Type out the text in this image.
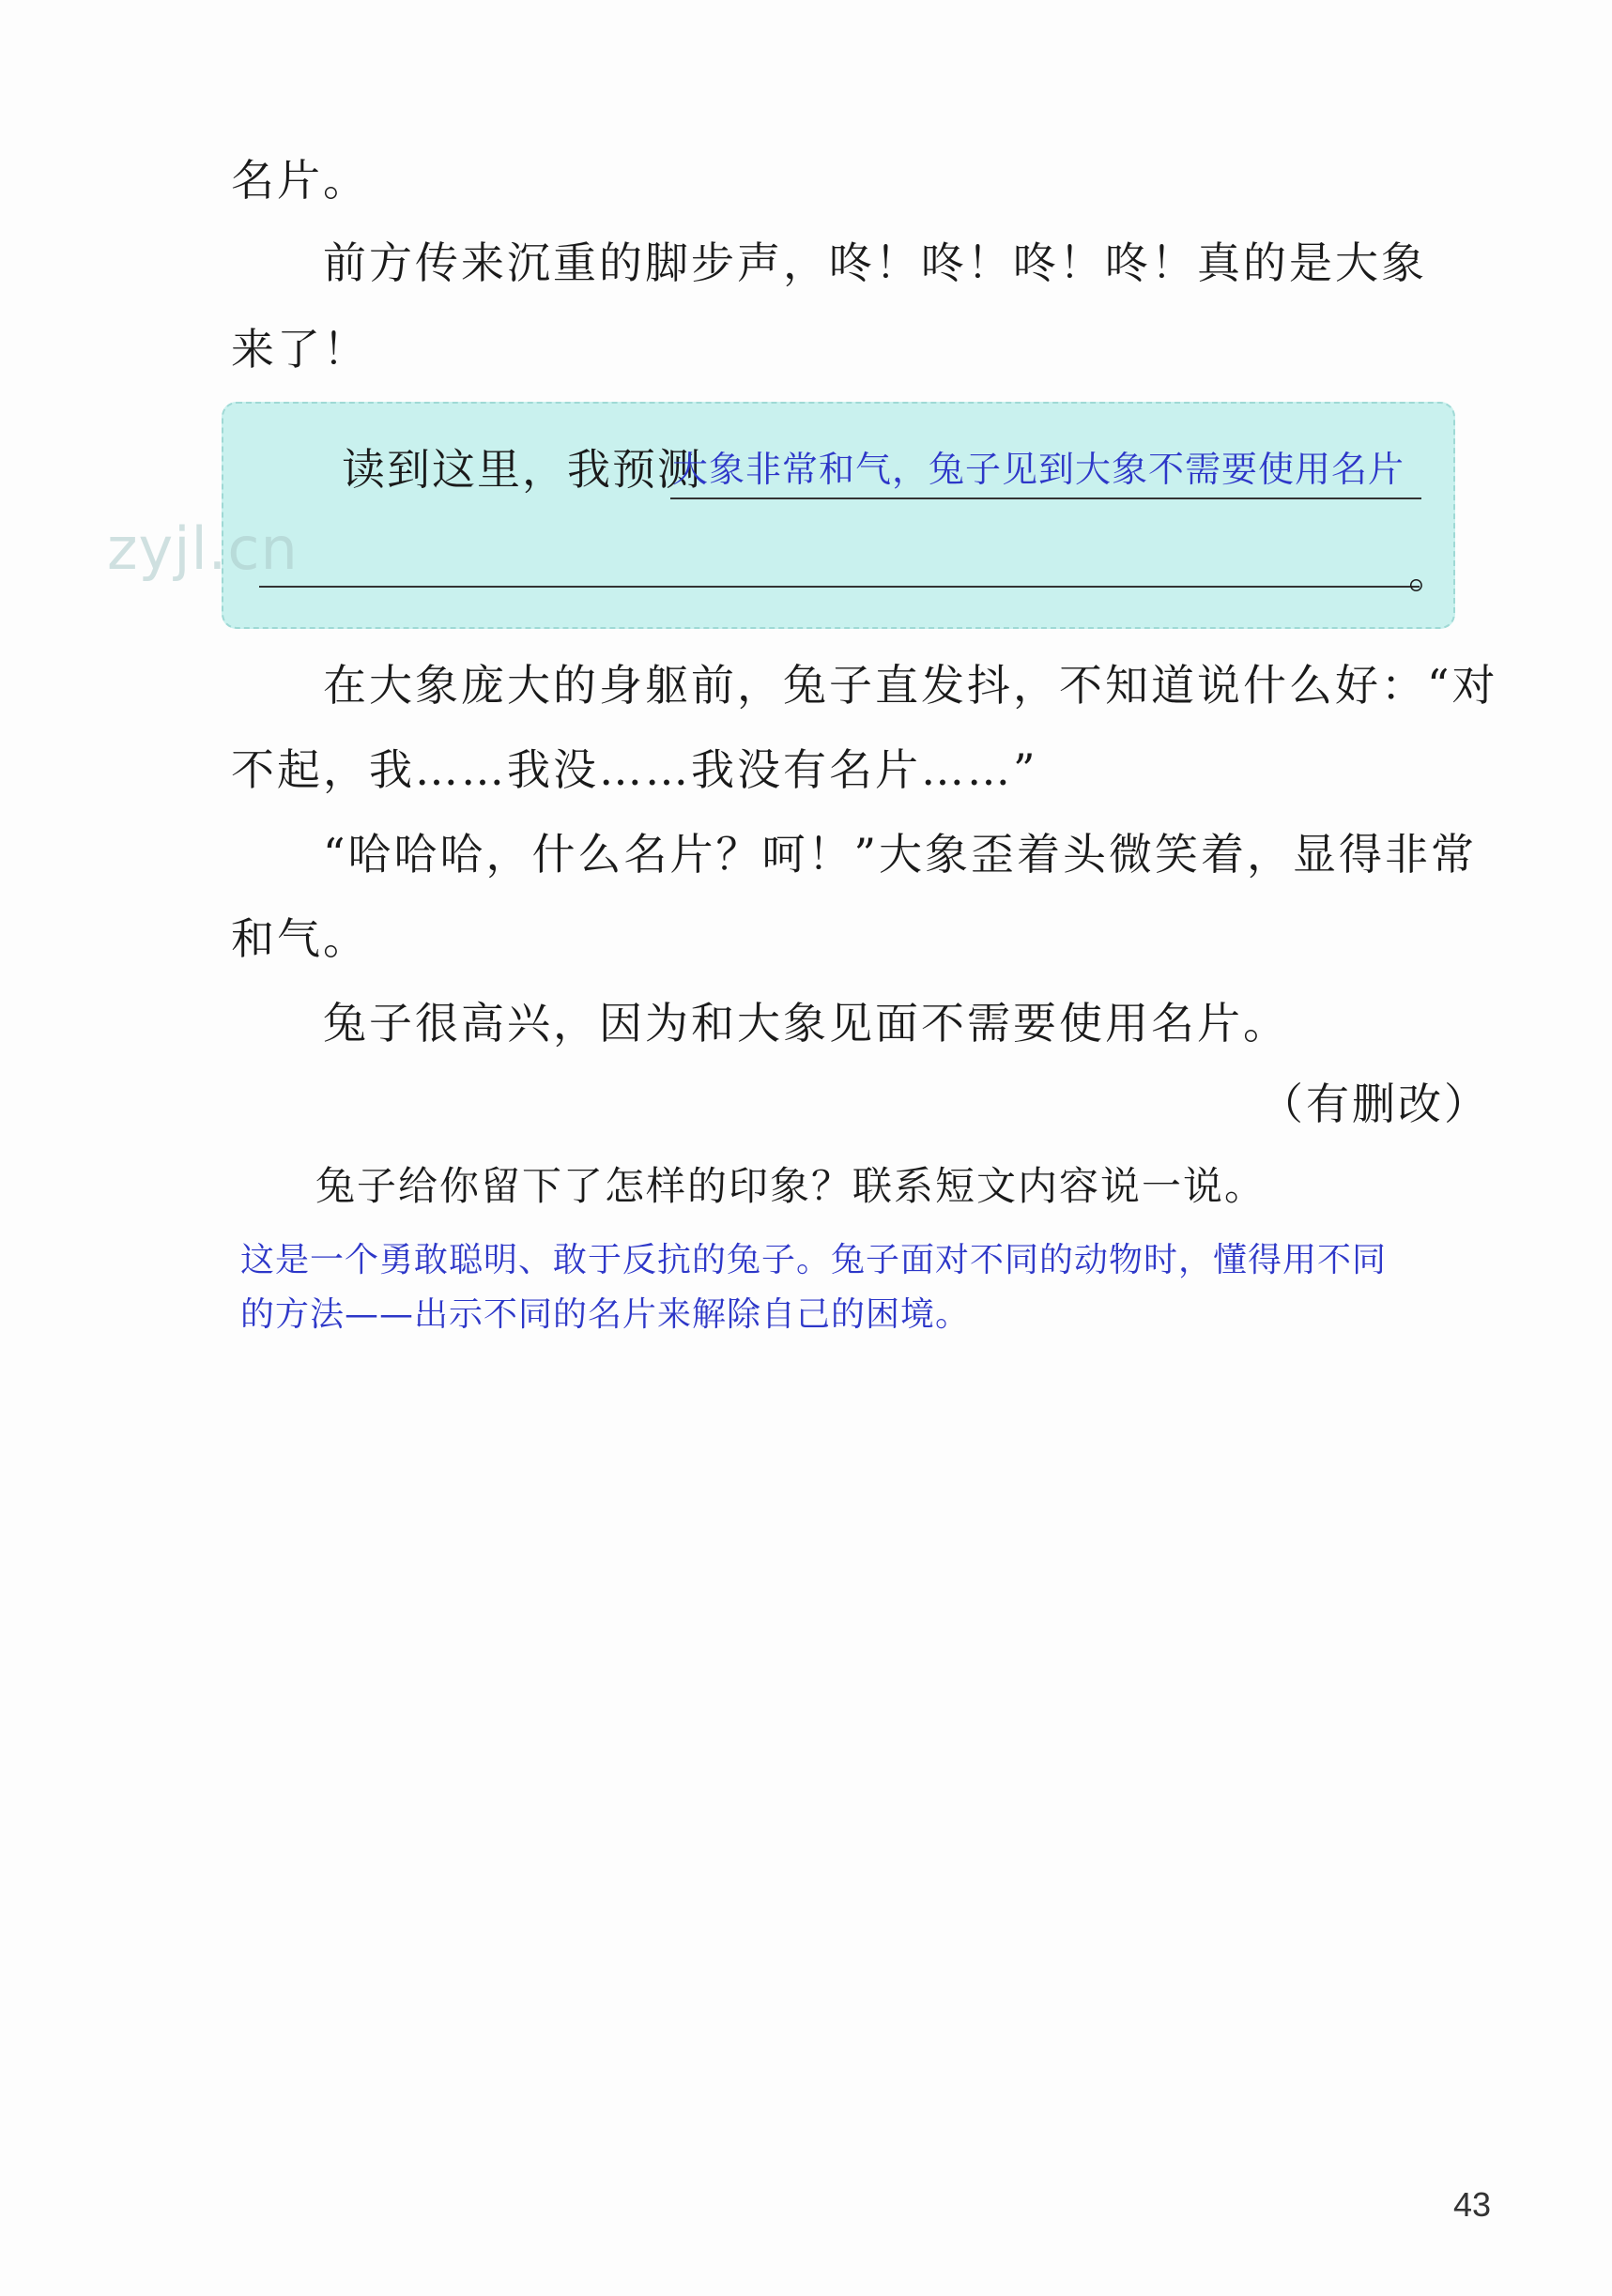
名片。
前方传来沉重的脚步声，咚！咚！咚！咚！真的是大象
来了！
读到这里，我预测
大象非常和气，兔子见到大象不需要使用名片
。
zyjl.cn
在大象庞大的身躯前，兔子直发抖，不知道说什么好：“对
不起，我……我没……我没有名片……”
“哈哈哈，什么名片？呵！”大象歪着头微笑着，显得非常
和气。
兔子很高兴，因为和大象见面不需要使用名片。
（有删改）
兔子给你留下了怎样的印象？联系短文内容说一说。
这是一个勇敢聪明、敢于反抗的兔子。兔子面对不同的动物时，懂得用不同
的方法——出示不同的名片来解除自己的困境。
43
